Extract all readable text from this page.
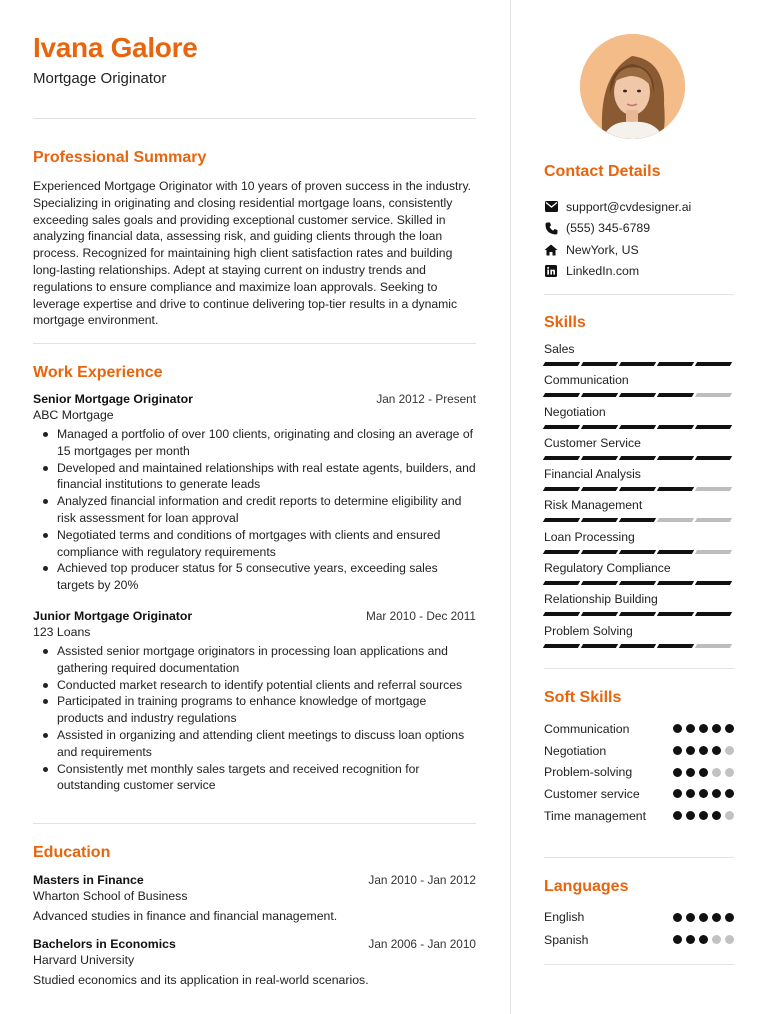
Ivana Galore
Mortgage Originator
Professional Summary
Experienced Mortgage Originator with 10 years of proven success in the industry. Specializing in originating and closing residential mortgage loans, consistently exceeding sales goals and providing exceptional customer service. Skilled in analyzing financial data, assessing risk, and guiding clients through the loan process. Recognized for maintaining high client satisfaction rates and building long-lasting relationships. Adept at staying current on industry trends and regulations to ensure compliance and maximize loan approvals. Seeking to leverage expertise and drive to continue delivering top-tier results in a dynamic mortgage environment.
Work Experience
Senior Mortgage Originator	Jan 2012 - Present
ABC Mortgage
Managed a portfolio of over 100 clients, originating and closing an average of 15 mortgages per month
Developed and maintained relationships with real estate agents, builders, and financial institutions to generate leads
Analyzed financial information and credit reports to determine eligibility and risk assessment for loan approval
Negotiated terms and conditions of mortgages with clients and ensured compliance with regulatory requirements
Achieved top producer status for 5 consecutive years, exceeding sales targets by 20%
Junior Mortgage Originator	Mar 2010 - Dec 2011
123 Loans
Assisted senior mortgage originators in processing loan applications and gathering required documentation
Conducted market research to identify potential clients and referral sources
Participated in training programs to enhance knowledge of mortgage products and industry regulations
Assisted in organizing and attending client meetings to discuss loan options and requirements
Consistently met monthly sales targets and received recognition for outstanding customer service
Education
Masters in Finance	Jan 2010 - Jan 2012
Wharton School of Business
Advanced studies in finance and financial management.
Bachelors in Economics	Jan 2006 - Jan 2010
Harvard University
Studied economics and its application in real-world scenarios.
Contact Details
support@cvdesigner.ai
(555) 345-6789
NewYork, US
LinkedIn.com
Skills
Sales
Communication
Negotiation
Customer Service
Financial Analysis
Risk Management
Loan Processing
Regulatory Compliance
Relationship Building
Problem Solving
Soft Skills
Communication
Negotiation
Problem-solving
Customer service
Time management
Languages
English
Spanish
